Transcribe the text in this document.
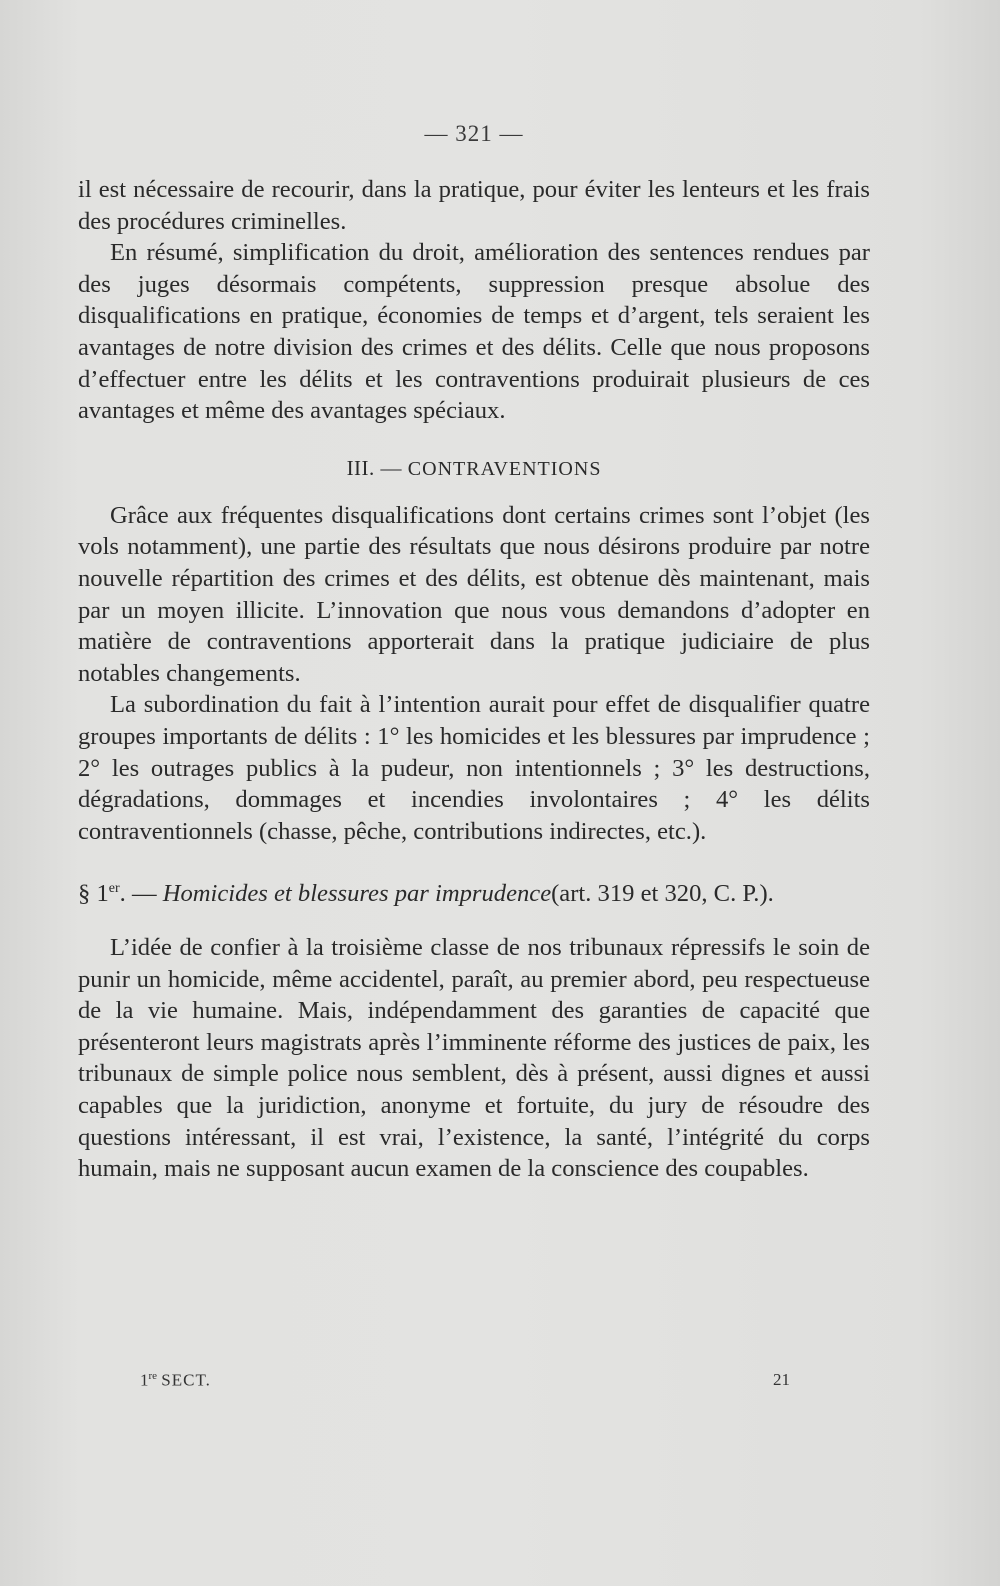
— 321 —

il est nécessaire de recourir, dans la pratique, pour éviter les lenteurs et les frais des procédures criminelles.

En résumé, simplification du droit, amélioration des sentences rendues par des juges désormais compétents, suppression presque absolue des disqualifications en pratique, économies de temps et d’argent, tels seraient les avantages de notre division des crimes et des délits. Celle que nous proposons d’effectuer entre les délits et les contraventions produirait plusieurs de ces avantages et même des avantages spéciaux.

III. — CONTRAVENTIONS

Grâce aux fréquentes disqualifications dont certains crimes sont l’objet (les vols notamment), une partie des résultats que nous désirons produire par notre nouvelle répartition des crimes et des délits, est obtenue dès maintenant, mais par un moyen illicite. L’innovation que nous vous demandons d’adopter en matière de contraventions apporterait dans la pratique judiciaire de plus notables changements.

La subordination du fait à l’intention aurait pour effet de disqualifier quatre groupes importants de délits : 1° les homicides et les blessures par imprudence ; 2° les outrages publics à la pudeur, non intentionnels ; 3° les destructions, dégradations, dommages et incendies involontaires ; 4° les délits contraventionnels (chasse, pêche, contributions indirectes, etc.).

§ 1er. — Homicides et blessures par imprudence(art. 319 et 320, C. P.).

L’idée de confier à la troisième classe de nos tribunaux répressifs le soin de punir un homicide, même accidentel, paraît, au premier abord, peu respectueuse de la vie humaine. Mais, indépendamment des garanties de capacité que présenteront leurs magistrats après l’imminente réforme des justices de paix, les tribunaux de simple police nous semblent, dès à présent, aussi dignes et aussi capables que la juridiction, anonyme et fortuite, du jury de résoudre des questions intéressant, il est vrai, l’existence, la santé, l’intégrité du corps humain, mais ne supposant aucun examen de la conscience des coupables.

1re SECT.	21
